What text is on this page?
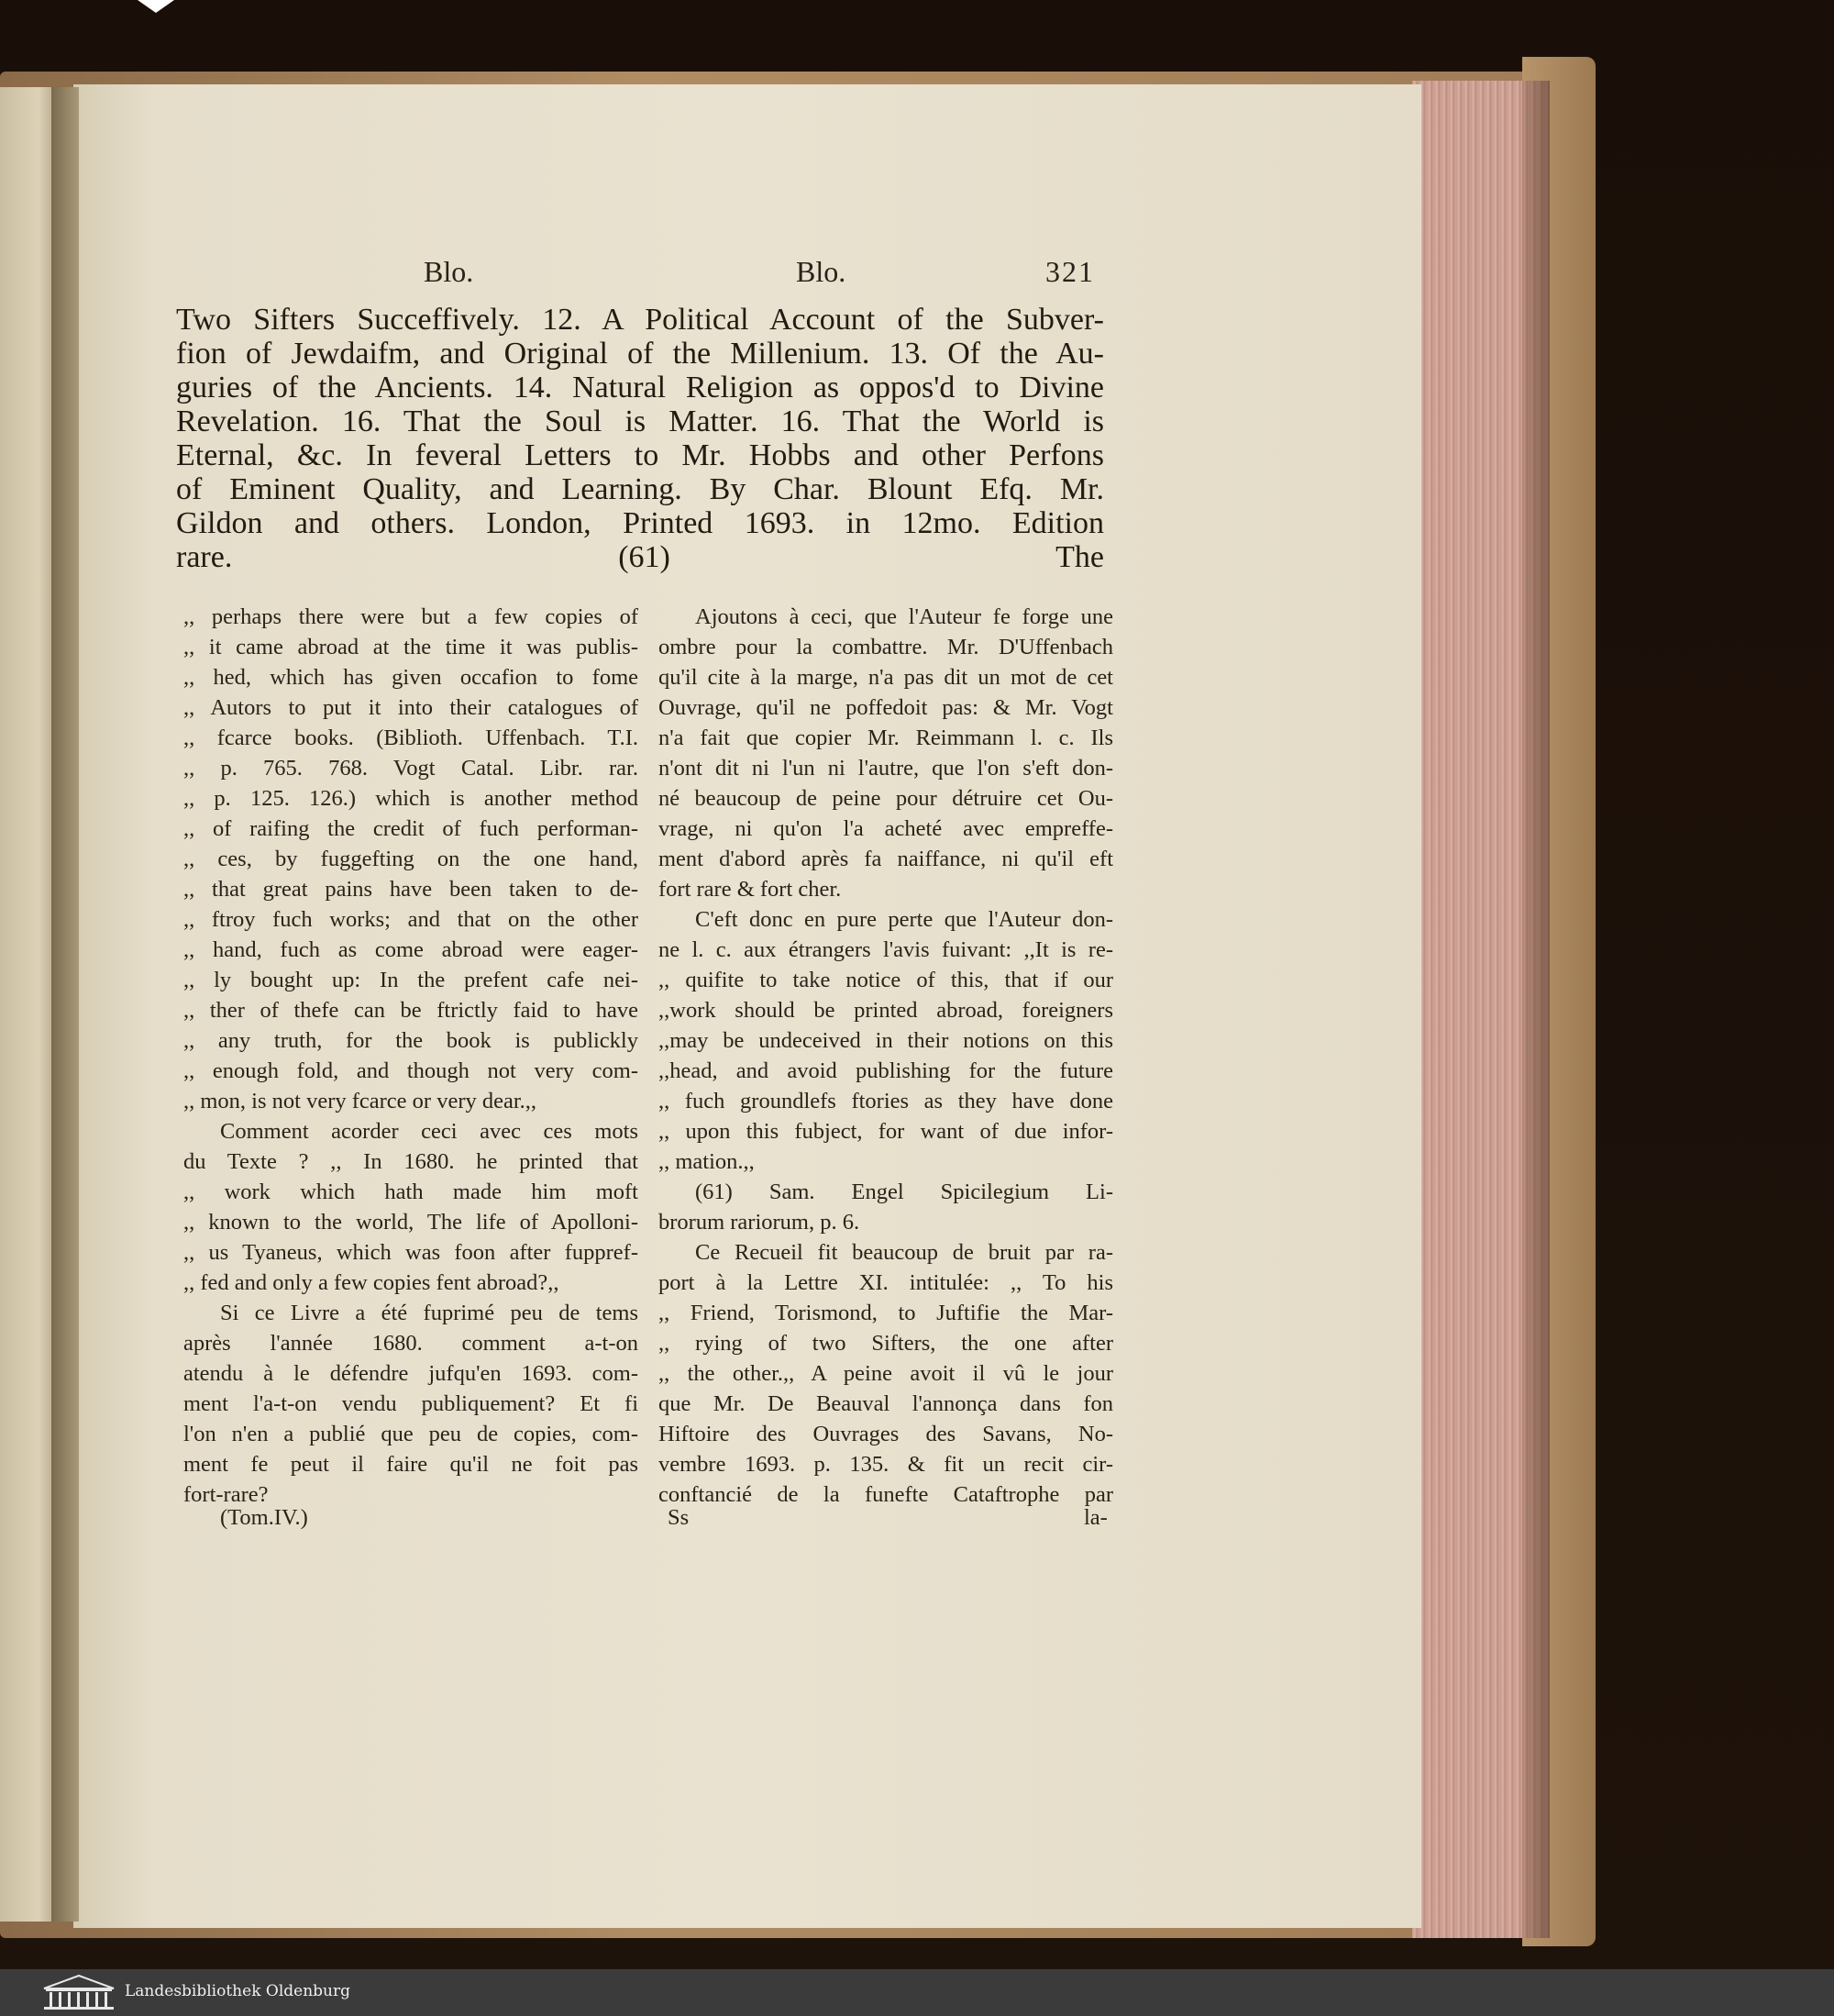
Blo.	Blo.	321
Two Sifters Succeffively. 12. A Political Account of the Subver-
fion of Jewdaifm, and Original of the Millenium. 13. Of the Au-
guries of the Ancients. 14. Natural Religion as oppos'd to Divine
Revelation. 16. That the Soul is Matter. 16. That the World is
Eternal, &c. In feveral Letters to Mr. Hobbs and other Perfons
of Eminent Quality, and Learning. By Char. Blount Efq. Mr.
Gildon and others. London, Printed 1693. in 12mo. Edition
rare. (61) The
,, perhaps there were but a few copies of
,, it came abroad at the time it was publis-
,, hed, which has given occafion to fome
,, Autors to put it into their catalogues of
,, fcarce books. (Biblioth. Uffenbach. T.I.
,, p. 765. 768. Vogt Catal. Libr. rar.
,, p. 125. 126.) which is another method
,, of raifing the credit of fuch performan-
,, ces, by fuggefting on the one hand,
,, that great pains have been taken to de-
,, ftroy fuch works; and that on the other
,, hand, fuch as come abroad were eager-
,, ly bought up: In the prefent cafe nei-
,, ther of thefe can be ftrictly faid to have
,, any truth, for the book is publickly
,, enough fold, and though not very com-
,, mon, is not very fcarce or very dear.,,
Comment acorder ceci avec ces mots
du Texte ? ,, In 1680. he printed that
,, work which hath made him moft
,, known to the world, The life of Apolloni-
,, us Tyaneus, which was foon after fuppref-
,, fed and only a few copies fent abroad?,,
Si ce Livre a été fuprimé peu de tems
après l'année 1680. comment a-t-on
atendu à le défendre jufqu'en 1693. com-
ment l'a-t-on vendu publiquement? Et fi
l'on n'en a publié que peu de copies, com-
ment fe peut il faire qu'il ne foit pas
fort-rare?
Ajoutons à ceci, que l'Auteur fe forge une
ombre pour la combattre. Mr. D'Uffenbach
qu'il cite à la marge, n'a pas dit un mot de cet
Ouvrage, qu'il ne poffedoit pas: & Mr. Vogt
n'a fait que copier Mr. Reimmann l. c. Ils
n'ont dit ni l'un ni l'autre, que l'on s'eft don-
né beaucoup de peine pour détruire cet Ou-
vrage, ni qu'on l'a acheté avec empreffe-
ment d'abord après fa naiffance, ni qu'il eft
fort rare & fort cher.
C'eft donc en pure perte que l'Auteur don-
ne l. c. aux étrangers l'avis fuivant: ,,It is re-
,, quifite to take notice of this, that if our
,,work should be printed abroad, foreigners
,,may be undeceived in their notions on this
,,head, and avoid publishing for the future
,, fuch groundlefs ftories as they have done
,, upon this fubject, for want of due infor-
,, mation.,,
(61) Sam. Engel Spicilegium Li-
brorum rariorum, p. 6.
Ce Recueil fit beaucoup de bruit par ra-
port à la Lettre XI. intitulée: ,, To his
,, Friend, Torismond, to Juftifie the Mar-
,, rying of two Sifters, the one after
,, the other.,, A peine avoit il vû le jour
que Mr. De Beauval l'annonça dans fon
Hiftoire des Ouvrages des Savans, No-
vembre 1693. p. 135. & fit un recit cir-
conftancié de la funefte Cataftrophe par
(Tom.IV.)	Ss	la-
Landesbibliothek Oldenburg
